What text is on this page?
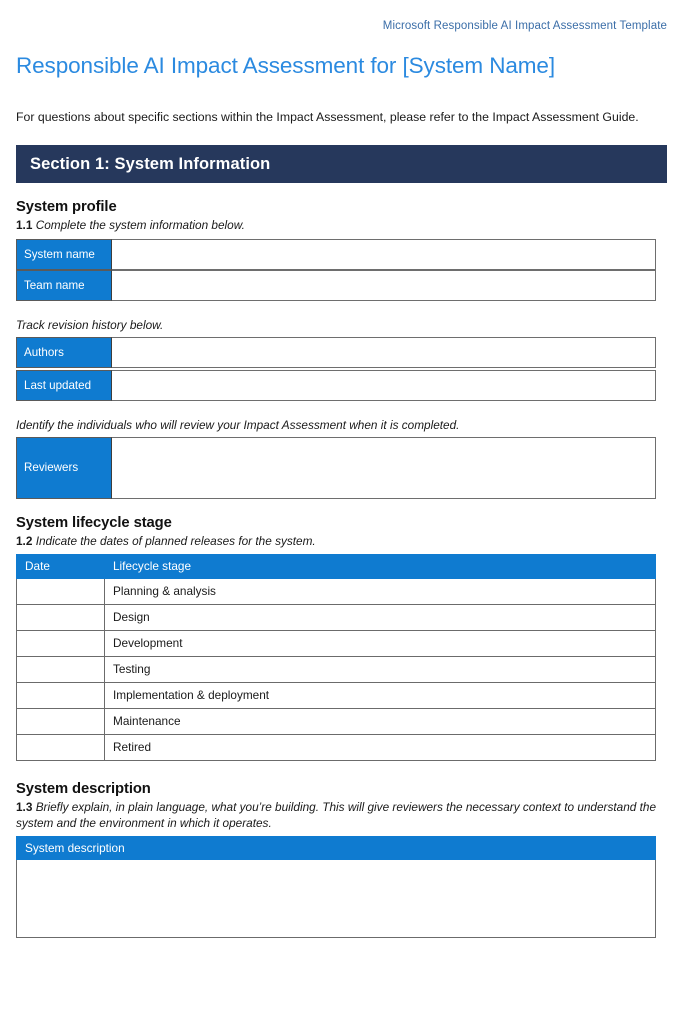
Microsoft Responsible AI Impact Assessment Template
Responsible AI Impact Assessment for [System Name]
For questions about specific sections within the Impact Assessment, please refer to the Impact Assessment Guide.
Section 1: System Information
System profile
1.1 Complete the system information below.
System name
Team name
Track revision history below.
Authors
Last updated
Identify the individuals who will review your Impact Assessment when it is completed.
Reviewers
System lifecycle stage
1.2 Indicate the dates of planned releases for the system.
Date	Lifecycle stage
	Planning & analysis
	Design
	Development
	Testing
	Implementation & deployment
	Maintenance
	Retired
System description
1.3 Briefly explain, in plain language, what you’re building. This will give reviewers the necessary context to understand the system and the environment in which it operates.
System description
